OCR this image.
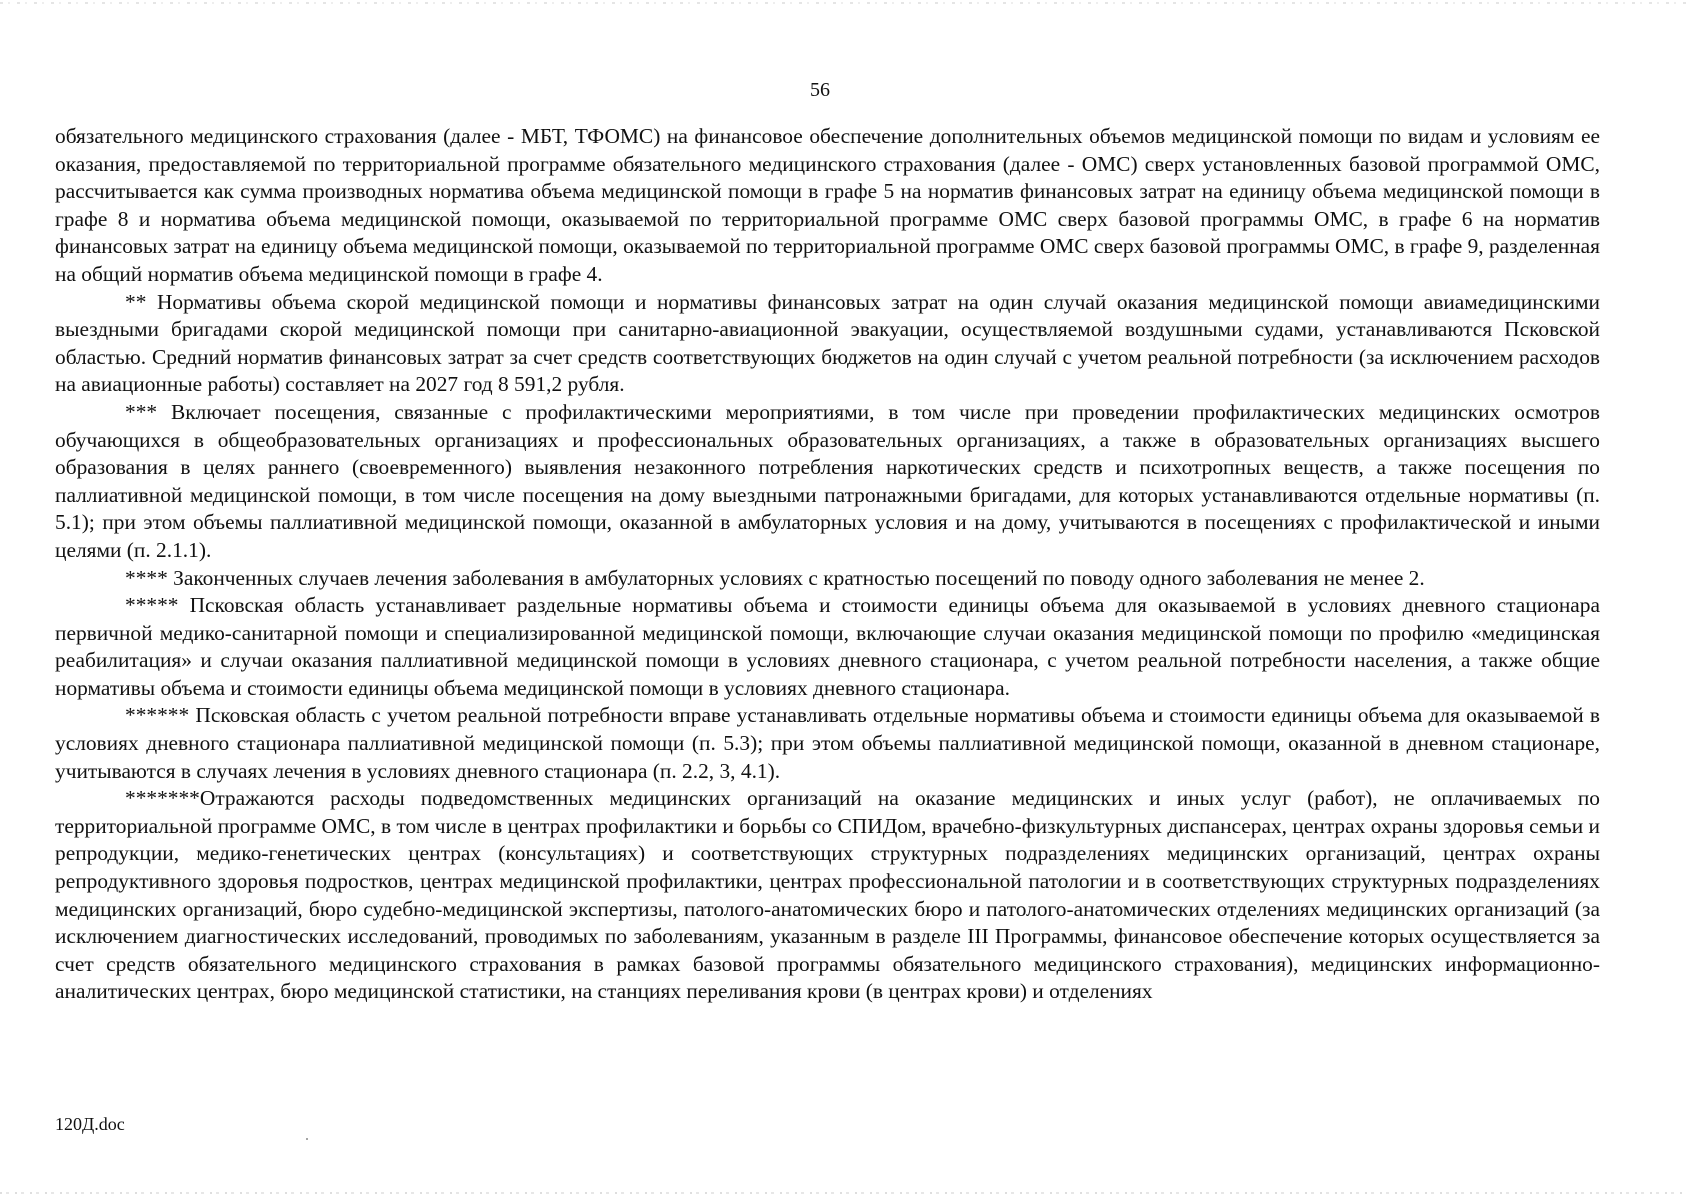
56

обязательного медицинского страхования (далее - МБТ, ТФОМС) на финансовое обеспечение дополнительных объемов медицинской помощи по видам и условиям ее оказания, предоставляемой по территориальной программе обязательного медицинского страхования (далее - ОМС) сверх установленных базовой программой ОМС, рассчитывается как сумма производных норматива объема медицинской помощи в графе 5 на норматив финансовых затрат на единицу объема медицинской помощи в графе 8 и норматива объема медицинской помощи, оказываемой по территориальной программе ОМС сверх базовой программы ОМС, в графе 6 на норматив финансовых затрат на единицу объема медицинской помощи, оказываемой по территориальной программе ОМС сверх базовой программы ОМС, в графе 9, разделенная на общий норматив объема медицинской помощи в графе 4.

** Нормативы объема скорой медицинской помощи и нормативы финансовых затрат на один случай оказания медицинской помощи авиамедицинскими выездными бригадами скорой медицинской помощи при санитарно-авиационной эвакуации, осуществляемой воздушными судами, устанавливаются Псковской областью. Средний норматив финансовых затрат за счет средств соответствующих бюджетов на один случай с учетом реальной потребности (за исключением расходов на авиационные работы) составляет на 2027 год 8 591,2 рубля.

*** Включает посещения, связанные с профилактическими мероприятиями, в том числе при проведении профилактических медицинских осмотров обучающихся в общеобразовательных организациях и профессиональных образовательных организациях, а также в образовательных организациях высшего образования в целях раннего (своевременного) выявления незаконного потребления наркотических средств и психотропных веществ, а также посещения по паллиативной медицинской помощи, в том числе посещения на дому выездными патронажными бригадами, для которых устанавливаются отдельные нормативы (п. 5.1); при этом объемы паллиативной медицинской помощи, оказанной в амбулаторных условия и на дому, учитываются в посещениях с профилактической и иными целями (п. 2.1.1).

**** Законченных случаев лечения заболевания в амбулаторных условиях с кратностью посещений по поводу одного заболевания не менее 2.

***** Псковская область устанавливает раздельные нормативы объема и стоимости единицы объема для оказываемой в условиях дневного стационара первичной медико-санитарной помощи и специализированной медицинской помощи, включающие случаи оказания медицинской помощи по профилю «медицинская реабилитация» и случаи оказания паллиативной медицинской помощи в условиях дневного стационара, с учетом реальной потребности населения, а также общие нормативы объема и стоимости единицы объема медицинской помощи в условиях дневного стационара.

****** Псковская область с учетом реальной потребности вправе устанавливать отдельные нормативы объема и стоимости единицы объема для оказываемой в условиях дневного стационара паллиативной медицинской помощи (п. 5.3); при этом объемы паллиативной медицинской помощи, оказанной в дневном стационаре, учитываются в случаях лечения в условиях дневного стационара (п. 2.2, 3, 4.1).

*******Отражаются расходы подведомственных медицинских организаций на оказание медицинских и иных услуг (работ), не оплачиваемых по территориальной программе ОМС, в том числе в центрах профилактики и борьбы со СПИДом, врачебно-физкультурных диспансерах, центрах охраны здоровья семьи и репродукции, медико-генетических центрах (консультациях) и соответствующих структурных подразделениях медицинских организаций, центрах охраны репродуктивного здоровья подростков, центрах медицинской профилактики, центрах профессиональной патологии и в соответствующих структурных подразделениях медицинских организаций, бюро судебно-медицинской экспертизы, патолого-анатомических бюро и патолого-анатомических отделениях медицинских организаций (за исключением диагностических исследований, проводимых по заболеваниям, указанным в разделе III Программы, финансовое обеспечение которых осуществляется за счет средств обязательного медицинского страхования в рамках базовой программы обязательного медицинского страхования), медицинских информационно-аналитических центрах, бюро медицинской статистики, на станциях переливания крови (в центрах крови) и отделениях

120Д.doc
